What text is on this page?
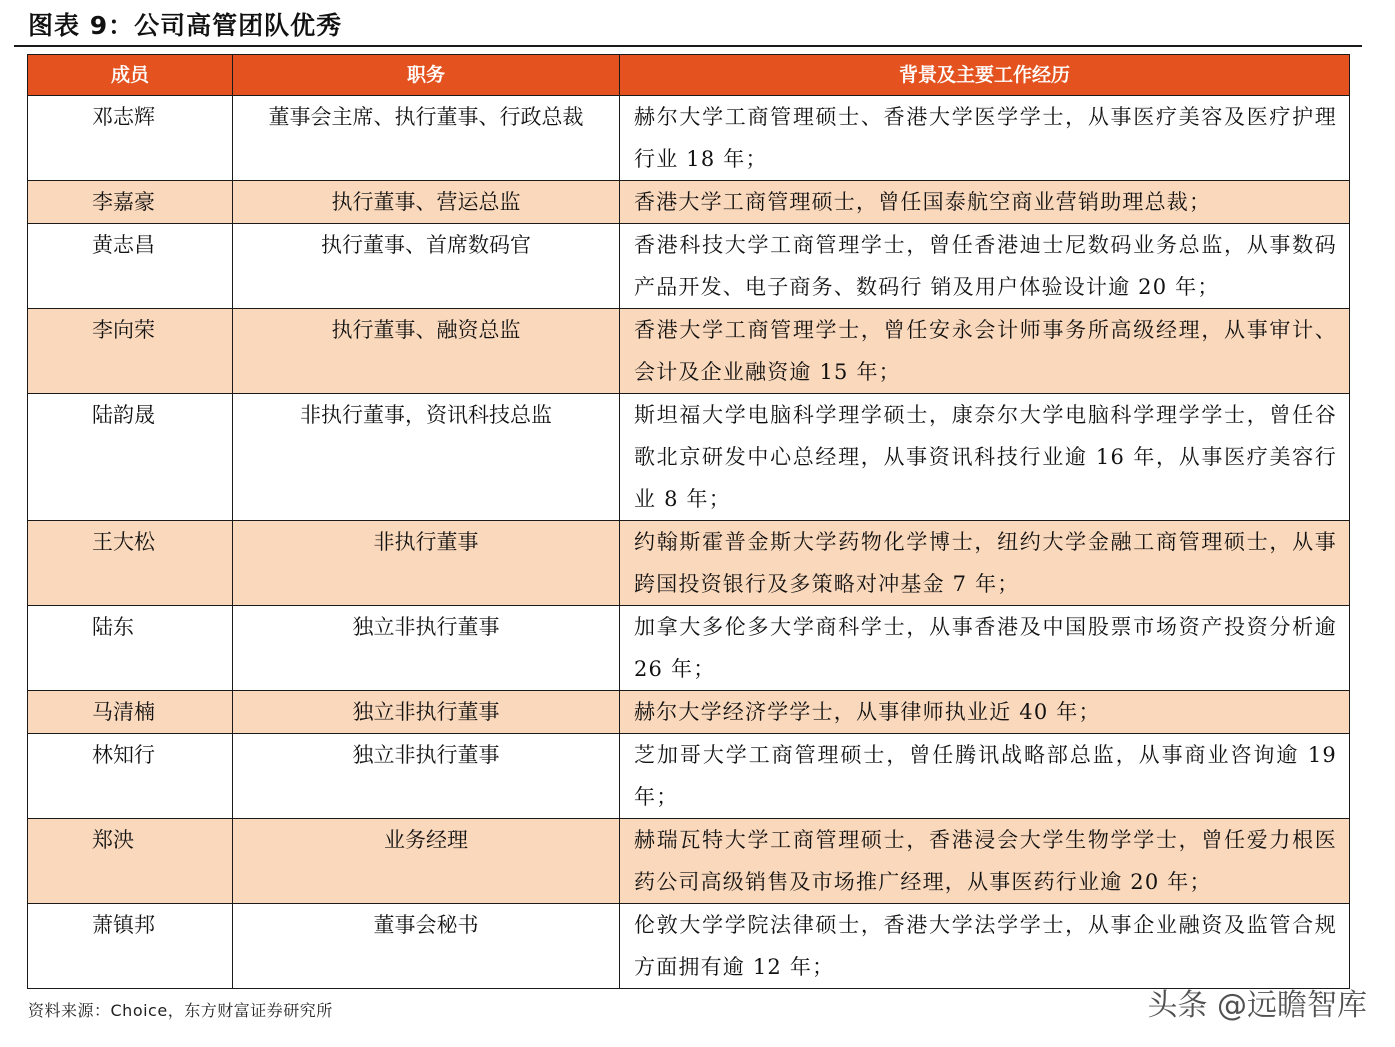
图表 9：公司高管团队优秀
成员	职务	背景及主要工作经历
邓志辉	董事会主席、执行董事、行政总裁	赫尔大学工商管理硕士、香港大学医学学士，从事医疗美容及医疗护理行业 18 年；
李嘉豪	执行董事、营运总监	香港大学工商管理硕士，曾任国泰航空商业营销助理总裁；
黄志昌	执行董事、首席数码官	香港科技大学工商管理学士，曾任香港迪士尼数码业务总监，从事数码产品开发、电子商务、数码行 销及用户体验设计逾 20 年；
李向荣	执行董事、融资总监	香港大学工商管理学士，曾任安永会计师事务所高级经理，从事审计、会计及企业融资逾 15 年；
陆韵晟	非执行董事，资讯科技总监	斯坦福大学电脑科学理学硕士，康奈尔大学电脑科学理学学士，曾任谷歌北京研发中心总经理，从事资讯科技行业逾 16 年，从事医疗美容行业 8 年；
王大松	非执行董事	约翰斯霍普金斯大学药物化学博士，纽约大学金融工商管理硕士，从事跨国投资银行及多策略对冲基金 7 年；
陆东	独立非执行董事	加拿大多伦多大学商科学士，从事香港及中国股票市场资产投资分析逾 26 年；
马清楠	独立非执行董事	赫尔大学经济学学士，从事律师执业近 40 年；
林知行	独立非执行董事	芝加哥大学工商管理硕士，曾任腾讯战略部总监，从事商业咨询逾 19 年；
郑泱	业务经理	赫瑞瓦特大学工商管理硕士，香港浸会大学生物学学士，曾任爱力根医药公司高级销售及市场推广经理，从事医药行业逾 20 年；
萧镇邦	董事会秘书	伦敦大学学院法律硕士，香港大学法学学士，从事企业融资及监管合规方面拥有逾 12 年；
资料来源：Choice，东方财富证券研究所	头条 @远瞻智库
